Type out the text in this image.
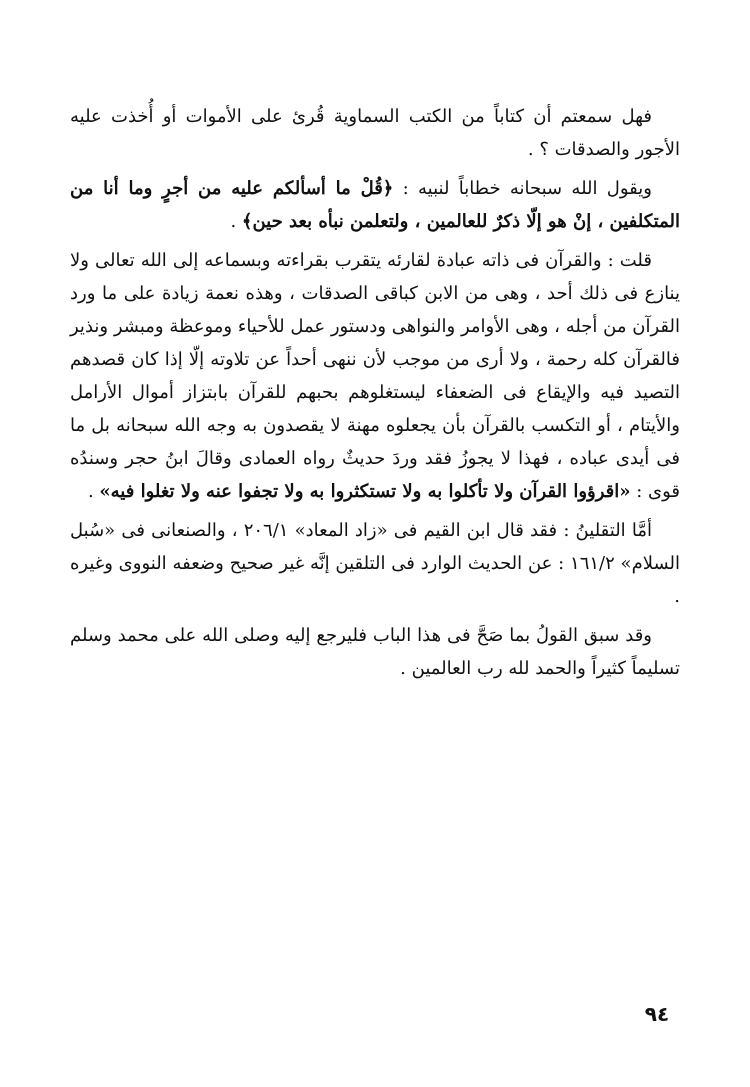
فهل سمعتم أن كتاباً من الكتب السماوية قُرئ على الأموات أو أُخذت عليه الأجور والصدقات ؟ .

ويقول الله سبحانه خطاباً لنبيه : ﴿قُلْ ما أسألكم عليه من أجرٍ وما أنا من المتكلفين ، إنْ هو إلّا ذكرٌ للعالمين ، ولتعلمن نبأه بعد حين﴾ .

قلت : والقرآن فى ذاته عبادة لقارئه يتقرب بقراءته وبسماعه إلى الله تعالى ولا ينازع فى ذلك أحد ، وهى من الابن كباقى الصدقات ، وهذه نعمة زيادة على ما ورد القرآن من أجله ، وهى الأوامر والنواهى ودستور عمل للأحياء وموعظة ومبشر ونذير فالقرآن كله رحمة ، ولا أرى من موجب لأن ننهى أحداً عن تلاوته إلّا إذا كان قصدهم التصيد فيه والإيقاع فى الضعفاء ليستغلوهم بحبهم للقرآن بابتزاز أموال الأرامل والأيتام ، أو التكسب بالقرآن بأن يجعلوه مهنة لا يقصدون به وجه الله سبحانه بل ما فى أيدى عباده ، فهذا لا يجوزُ فقد وردَ حديثٌ رواه العمادى وقالَ ابنُ حجر وسندُه قوى : «اقرؤوا القرآن ولا تأكلوا به ولا تستكثروا به ولا تجفوا عنه ولا تغلوا فيه» .

أمَّا التقلينُ : فقد قال ابن القيم فى «زاد المعاد» ٢٠٦/١ ، والصنعانى فى «سُبل السلام» ١٦١/٢ : عن الحديث الوارد فى التلقين إنَّه غير صحيح وضعفه النووى وغيره .

وقد سبق القولُ بما صَحَّ فى هذا الباب فليرجع إليه وصلى الله على محمد وسلم تسليماً كثيراً والحمد لله رب العالمين .

٩٤
